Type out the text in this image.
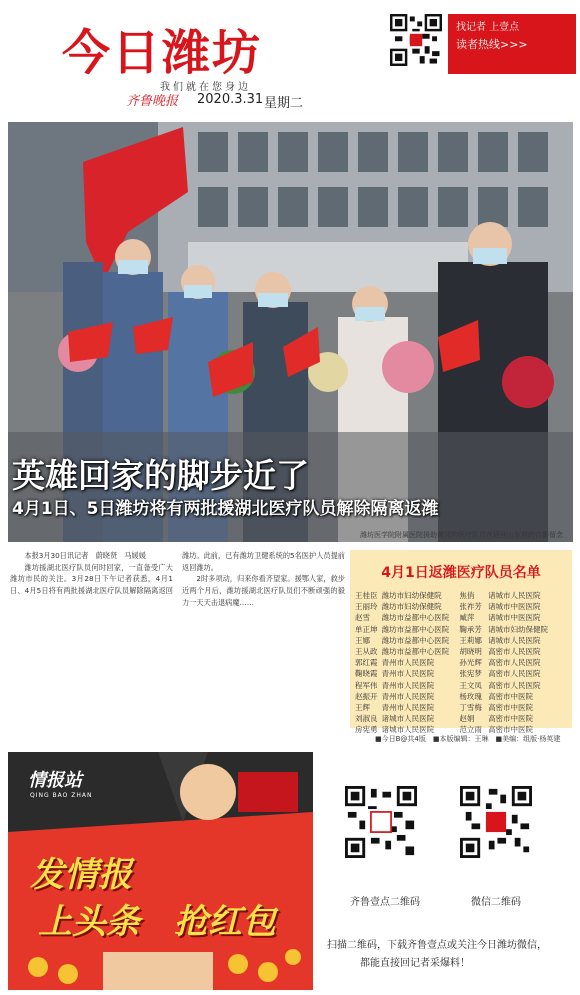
今日潍坊
我们就在您身边
齐鲁晚报 2020.3.31 星期二
找记者 上壹点
读者热线>>>
8538711
英雄回家的脚步近了
4月1日、5日潍坊将有两批援湖北医疗队员解除隔离返潍
潍坊医学院附属医院援助黄冈的医疗队员在返回山东前的合影留念

本报3月30日讯记者　蔚晓贤　马媛媛

潍坊援湖北医疗队员何时回家，一直备受广大潍坊市民的关注。3月28日下午记者获悉，4月1日、4月5日将有两批援湖北医疗队员解除隔离返回潍坊。此前，已有潍坊卫健系统的5名医护人员提前返回潍坊。

2时多项动，归来你看齐望家。援鄂人家，救步近两个月后，潍坊援湖北医疗队员们不断顽强的毅力一天天击退病魔……

4月1日返潍医疗队员名单
王桂臣	潍坊市妇幼保健院	焦俏	诸城市人民医院
王丽玲	潍坊市妇幼保健院	张祚芳	诸城市中医医院
赵雪	潍坊市益都中心医院	臧萍	诸城市中医医院
单正坤	潍坊市益都中心医院	鞠承芳	诸城市妇幼保健院
王娜	潍坊市益都中心医院	王莉娜	诸城市人民医院
王从政	潍坊市益都中心医院	胡晓明	高密市人民医院
郭红霞	青州市人民医院	孙光辉	高密市人民医院
鞠晓霞	青州市人民医院	张宪梦	高密市人民医院
程军伟	青州市人民医院	王文凤	高密市人民医院
赵振开	青州市人民医院	杨玫瑰	高密市中医院
王辉	青州市人民医院	丁雪梅	高密市中医院
刘淑良	诸城市人民医院	赵娟	高密市中医院
房宪勇	诸城市人民医院	范立雨	高密市中医院
■今日B@共4版　■本版编辑：王琳　■美编：组版·杨英建
情报站
QING BAO ZHAN
发情报
上头条　抢红包	齐鲁壹点二维码	微信二维码
扫描二维码，下载齐鲁壹点或关注今日潍坊微信，
都能直接回记者采爆料！
